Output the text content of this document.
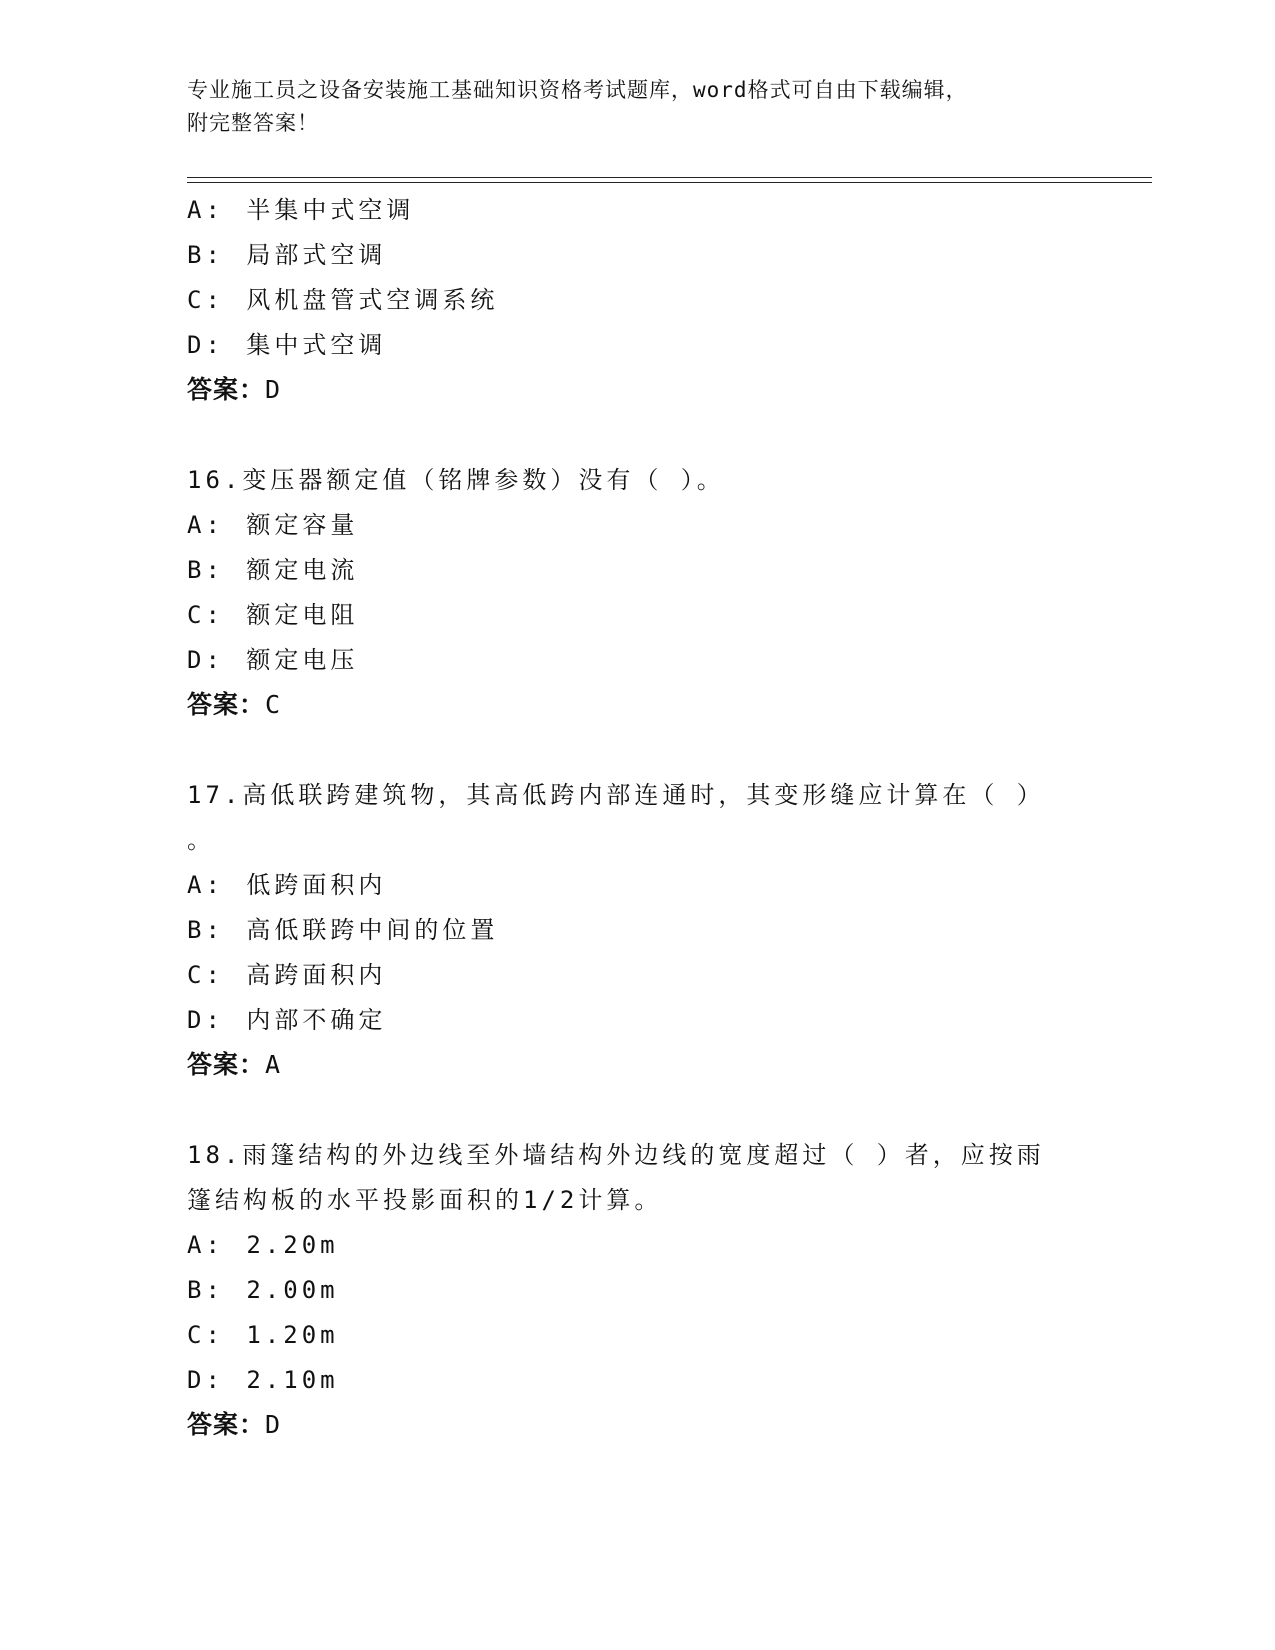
专业施工员之设备安装施工基础知识资格考试题库，word格式可自由下载编辑，
附完整答案！
A: 半集中式空调
B: 局部式空调
C: 风机盘管式空调系统
D: 集中式空调
答案：D
16.变压器额定值（铭牌参数）没有（ ）。
A: 额定容量
B: 额定电流
C: 额定电阻
D: 额定电压
答案：C
17.高低联跨建筑物，其高低跨内部连通时，其变形缝应计算在（ ）
。
A: 低跨面积内
B: 高低联跨中间的位置
C: 高跨面积内
D: 内部不确定
答案：A
18.雨篷结构的外边线至外墙结构外边线的宽度超过（ ）者，应按雨
篷结构板的水平投影面积的1/2计算。
A: 2.20m
B: 2.00m
C: 1.20m
D: 2.10m
答案：D
